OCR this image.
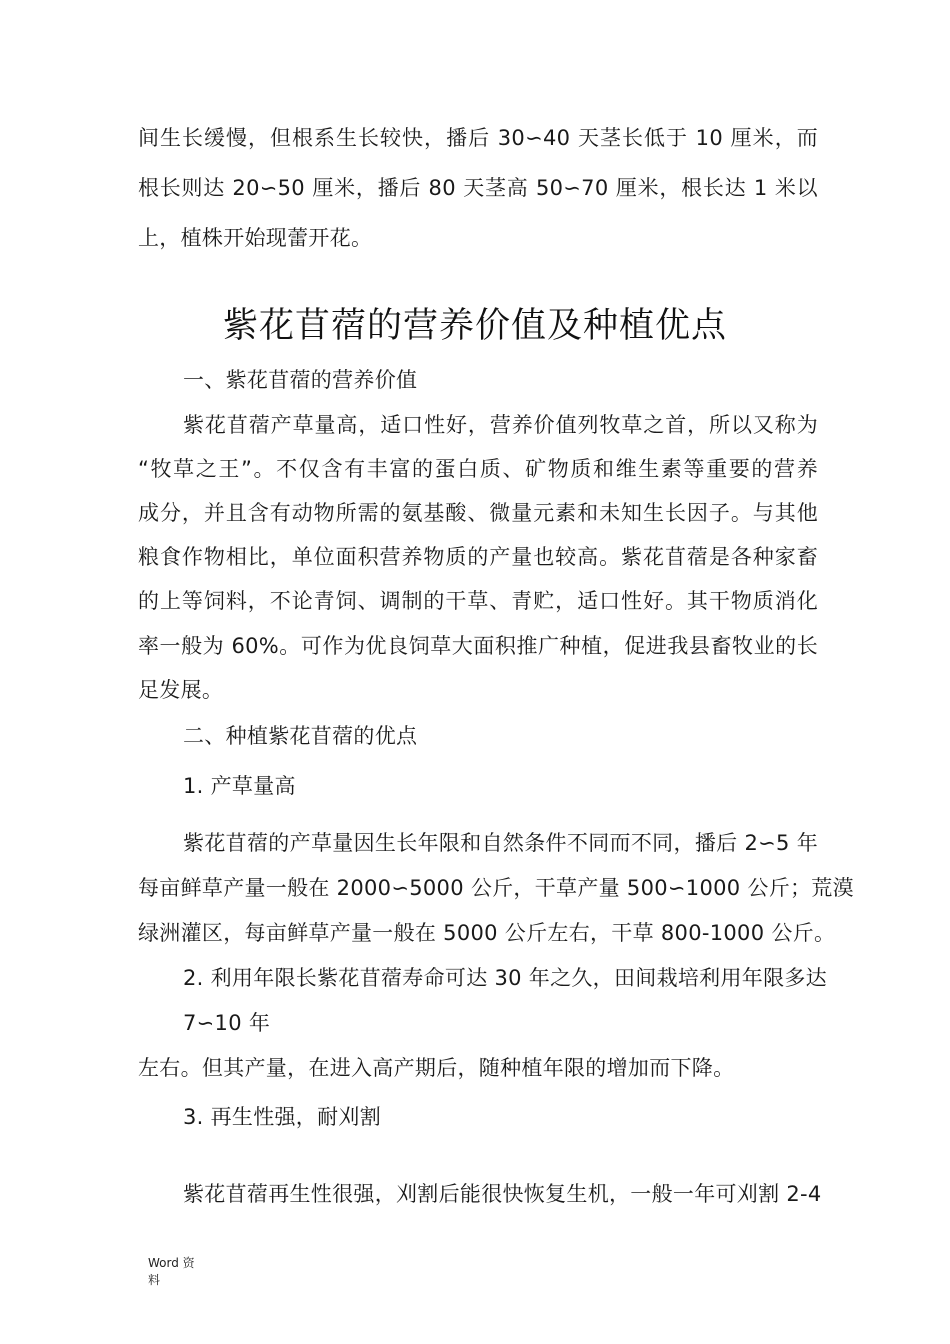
间生长缓慢，但根系生长较快，播后 30∽40 天茎长低于 10 厘米，而
根长则达 20∽50 厘米，播后 80 天茎高 50∽70 厘米，根长达 1 米以
上，植株开始现蕾开花。
紫花苜蓿的营养价值及种植优点
一、紫花苜蓿的营养价值
紫花苜蓿产草量高，适口性好，营养价值列牧草之首，所以又称为
“牧草之王”。不仅含有丰富的蛋白质、矿物质和维生素等重要的营养
成分，并且含有动物所需的氨基酸、微量元素和未知生长因子。与其他
粮食作物相比，单位面积营养物质的产量也较高。紫花苜蓿是各种家畜
的上等饲料，不论青饲、调制的干草、青贮，适口性好。其干物质消化
率一般为 60%。可作为优良饲草大面积推广种植，促进我县畜牧业的长
足发展。
二、种植紫花苜蓿的优点
1. 产草量高
紫花苜蓿的产草量因生长年限和自然条件不同而不同，播后 2∽5 年
每亩鲜草产量一般在 2000∽5000 公斤，干草产量 500∽1000 公斤；荒漠
绿洲灌区，每亩鲜草产量一般在 5000 公斤左右，干草 800-1000 公斤。
2. 利用年限长紫花苜蓿寿命可达 30 年之久，田间栽培利用年限多达
7∽10 年
左右。但其产量，在进入高产期后，随种植年限的增加而下降。
3. 再生性强，耐刈割
紫花苜蓿再生性很强，刈割后能很快恢复生机，一般一年可刈割 2-4
Word 资
料
